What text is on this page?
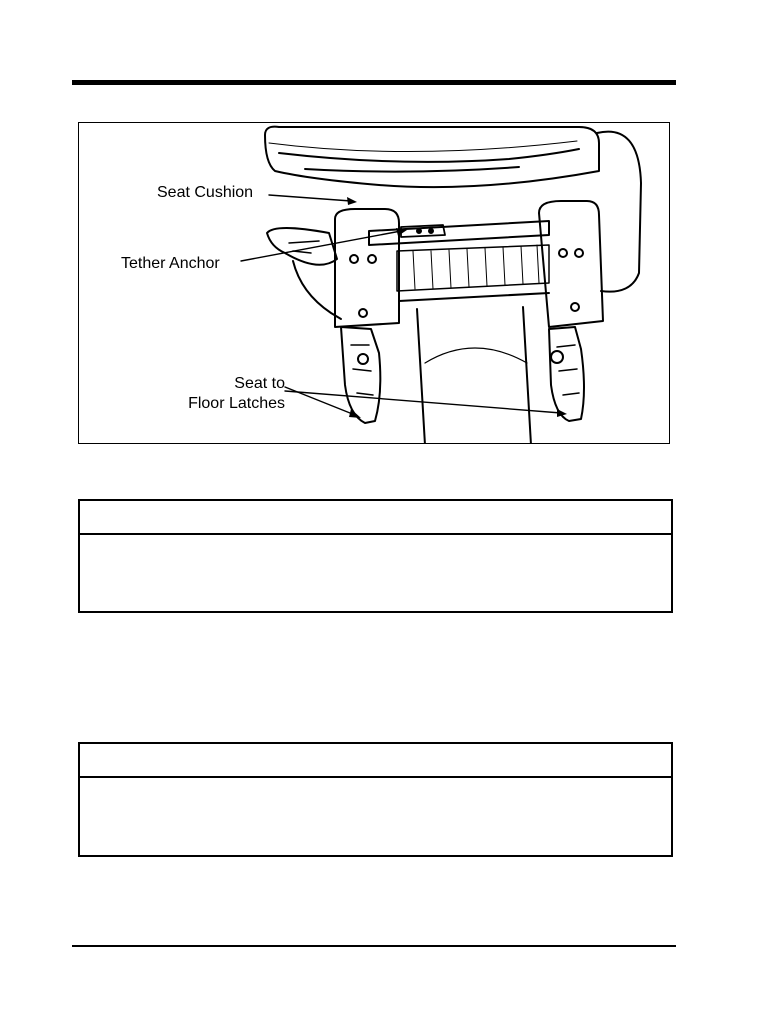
Seat Cushion
Tether Anchor
Seat to
Floor Latches
